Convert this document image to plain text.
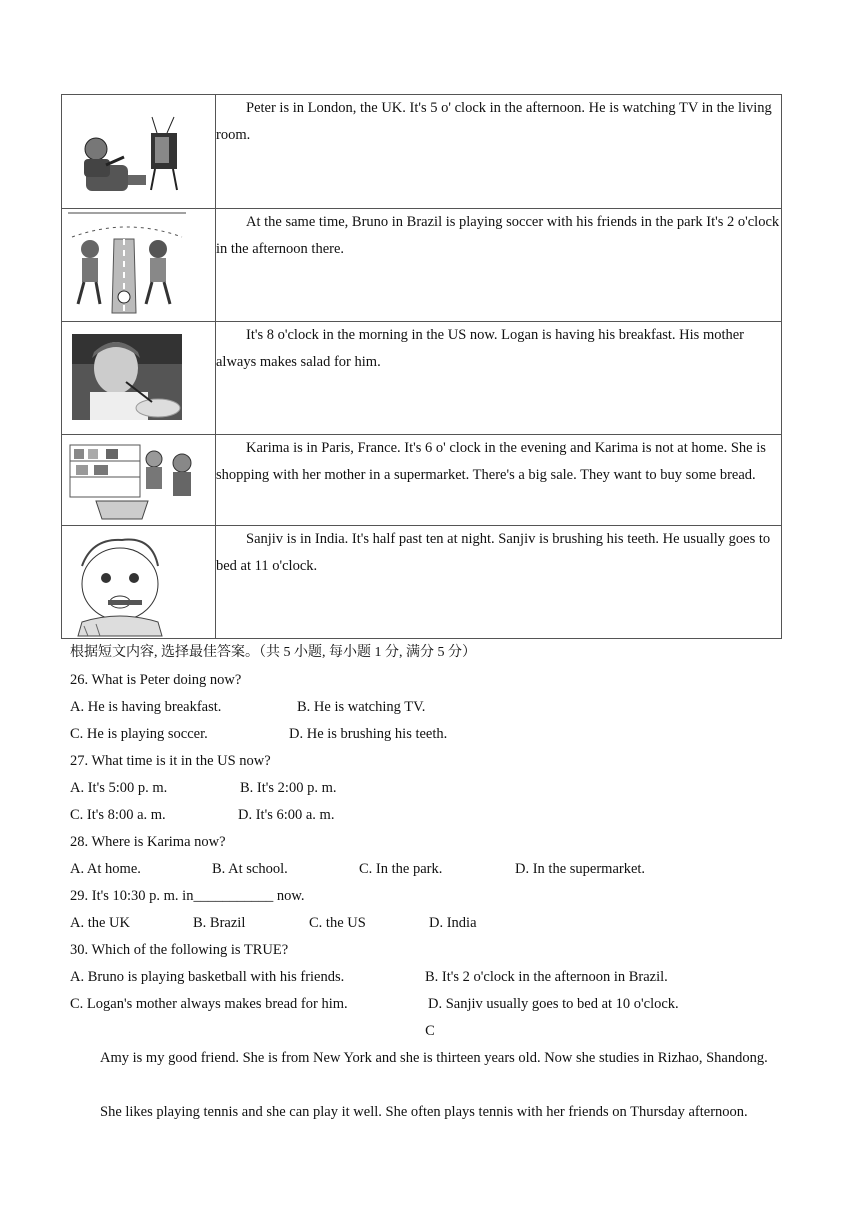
	Peter is in London, the UK. It's 5 o' clock in the afternoon. He is watching TV in the living room.

	At the same time, Bruno in Brazil is playing soccer with his friends in the park It's 2 o'clock in the afternoon there.

	It's 8 o'clock in the morning in the US now. Logan is having his breakfast. His mother always makes salad for him.

	Karima is in Paris, France. It's 6 o' clock in the evening and Karima is not at home. She is shopping with her mother in a supermarket. There's a big sale. They want to buy some bread.

	Sanjiv is in India. It's half past ten at night. Sanjiv is brushing his teeth. He usually goes to bed at 11 o'clock.
根据短文内容, 选择最佳答案。（共 5 小题, 每小题 1 分, 满分 5 分）
26. What is Peter doing now?
A. He is having breakfast.	B. He is watching TV.
C. He is playing soccer.	D. He is brushing his teeth.
27. What time is it in the US now?
A. It's 5:00 p. m.	B. It's 2:00 p. m.
C. It's 8:00 a. m.	D. It's 6:00 a. m.
28. Where is Karima now?
A. At home.	B. At school.	C. In the park.	D. In the supermarket.
29. It's 10:30 p. m. in___________ now.
A. the UK	B. Brazil	C. the US	D. India
30. Which of the following is TRUE?
A. Bruno is playing basketball with his friends.	B. It's 2 o'clock in the afternoon in Brazil.
C. Logan's mother always makes bread for him.	D. Sanjiv usually goes to bed at 10 o'clock.
C
Amy is my good friend. She is from New York and she is thirteen years old. Now she studies in Rizhao, Shandong.
She likes playing tennis and she can play it well. She often plays tennis with her friends on Thursday afternoon.
